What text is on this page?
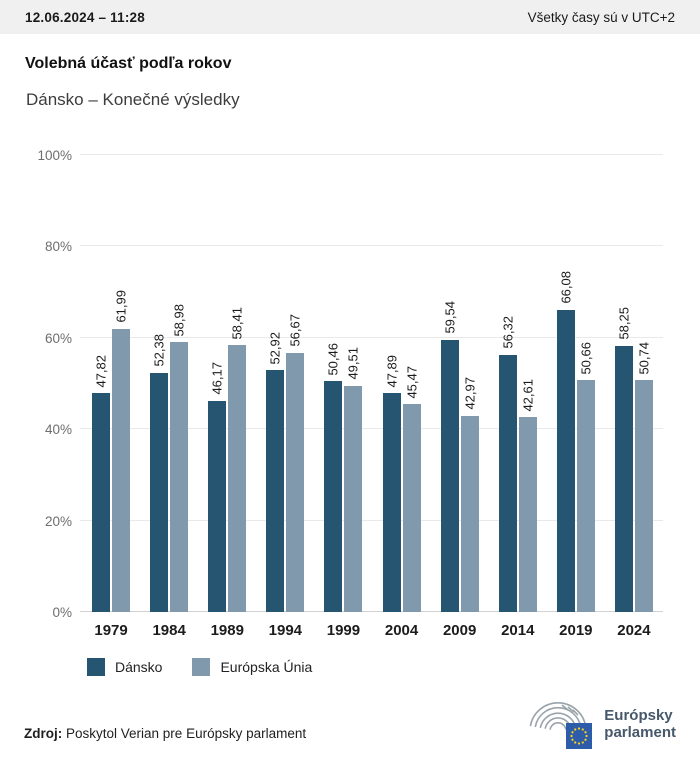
12.06.2024 – 11:28	Všetky časy sú v UTC+2
Volebná účasť podľa rokov
Dánsko – Konečné výsledky
0%
20%
40%
60%
80%
100%
47,82
61,99
1979
52,38
58,98
1984
46,17
58,41
1989
52,92
56,67
1994
50,46 49,51
1999
47,89 45,47
2004
59,54
42,97
2009
56,32
42,61
2014
66,08
50,66
2019
58,25
50,74
2024
Dánsko	Európska Únia
Zdroj: Poskytol Verian pre Európsky parlament
Európsky
parlament
